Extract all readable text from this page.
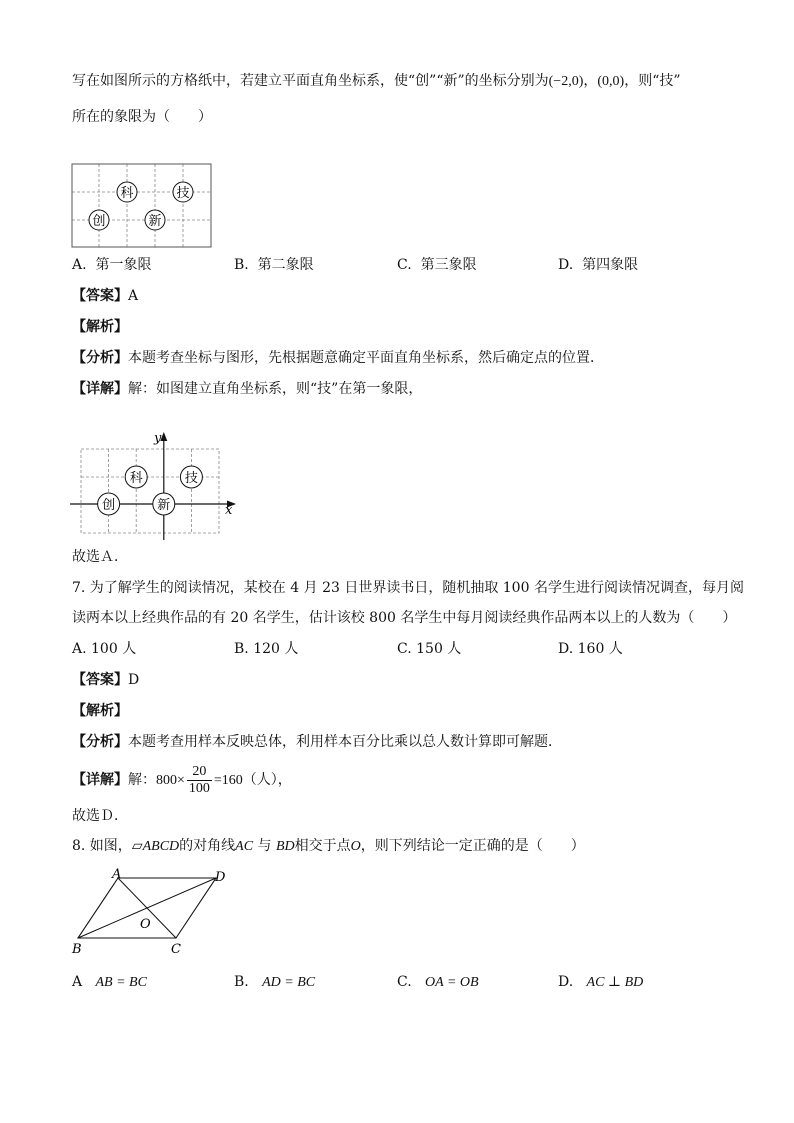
写在如图所示的方格纸中，若建立平面直角坐标系，使“创”“新”的坐标分别为(−2,0)，(0,0)，则“技”
所在的象限为（　　）
科	技
创	新
A. 第一象限	B. 第二象限	C. 第三象限	D. 第四象限
【答案】A
【解析】
【分析】本题考查坐标与图形，先根据题意确定平面直角坐标系，然后确定点的位置．
【详解】解：如图建立直角坐标系，则“技”在第一象限，
x
y
科	技
创	新
故选Ａ．
7. 为了解学生的阅读情况，某校在 4 月 23 日世界读书日，随机抽取 100 名学生进行阅读情况调查，每月阅
读两本以上经典作品的有 20 名学生，估计该校 800 名学生中每月阅读经典作品两本以上的人数为（　　）
A. 100 人	B. 120 人	C. 150 人	D. 160 人
【答案】D
【解析】
【分析】本题考查用样本反映总体，利用样本百分比乘以总人数计算即可解题．
【详解】解：$800\times \frac{20}{100} =160$（人），
故选Ｄ．
8. 如图，▱ABCD的对角线AC 与 BD相交于点O，则下列结论一定正确的是（　　）
A	D
B	C
O
A AB = BC	B. AD = BC	C. OA = OB	D. AC ⊥ BD
